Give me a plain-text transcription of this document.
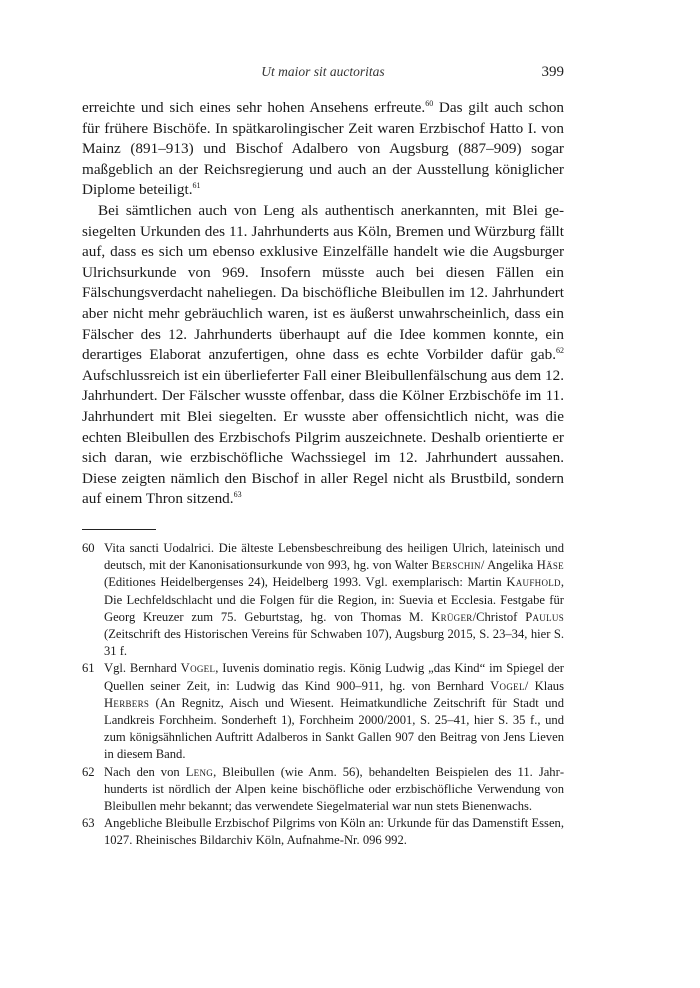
Ut maior sit auctoritas	399

erreichte und sich eines sehr hohen Ansehens erfreute.$^{60}$ Das gilt auch schon für frühere Bischöfe. In spätkarolingischer Zeit waren Erzbischof Hatto I. von Mainz (891–913) und Bischof Adalbero von Augsburg (887–909) sogar maßgeblich an der Reichsregierung und auch an der Ausstellung königlicher Diplome beteiligt.$^{61}$

Bei sämtlichen auch von Leng als authentisch anerkannten, mit Blei gesiegelten Urkunden des 11. Jahrhunderts aus Köln, Bremen und Würzburg fällt auf, dass es sich um ebenso exklusive Einzelfälle handelt wie die Augsburger Ulrichsurkunde von 969. Insofern müsste auch bei diesen Fällen ein Fälschungsverdacht naheliegen. Da bischöfliche Bleibullen im 12. Jahrhundert aber nicht mehr gebräuchlich waren, ist es äußerst unwahrscheinlich, dass ein Fälscher des 12. Jahrhunderts überhaupt auf die Idee kommen konnte, ein derartiges Elaborat anzufertigen, ohne dass es echte Vorbilder dafür gab.$^{62}$ Aufschlussreich ist ein überlieferter Fall einer Bleibullenfälschung aus dem 12. Jahrhundert. Der Fälscher wusste offenbar, dass die Kölner Erzbischöfe im 11. Jahrhundert mit Blei siegelten. Er wusste aber offensichtlich nicht, was die echten Bleibullen des Erzbischofs Pilgrim auszeichnete. Deshalb orientierte er sich daran, wie erzbischöfliche Wachssiegel im 12. Jahrhundert aussahen. Diese zeigten nämlich den Bischof in aller Regel nicht als Brustbild, sondern auf einem Thron sitzend.$^{63}$

60 Vita sancti Uodalrici. Die älteste Lebensbeschreibung des heiligen Ulrich, lateinisch und deutsch, mit der Kanonisationsurkunde von 993, hg. von Walter Berschin/ Angelika Häse (Editiones Heidelbergenses 24), Heidelberg 1993. Vgl. exemplarisch: Martin Kaufhold, Die Lechfeldschlacht und die Folgen für die Region, in: Suevia et Ecclesia. Festgabe für Georg Kreuzer zum 75. Geburtstag, hg. von Thomas M. Krüger/Christof Paulus (Zeitschrift des Historischen Vereins für Schwaben 107), Augsburg 2015, S. 23–34, hier S. 31 f.

61 Vgl. Bernhard Vogel, Iuvenis dominatio regis. König Ludwig „das Kind“ im Spiegel der Quellen seiner Zeit, in: Ludwig das Kind 900–911, hg. von Bernhard Vogel/ Klaus Herbers (An Regnitz, Aisch und Wiesent. Heimatkundliche Zeitschrift für Stadt und Landkreis Forchheim. Sonderheft 1), Forchheim 2000/2001, S. 25–41, hier S. 35 f., und zum königsähnlichen Auftritt Adalberos in Sankt Gallen 907 den Beitrag von Jens Lieven in diesem Band.

62 Nach den von Leng, Bleibullen (wie Anm. 56), behandelten Beispielen des 11. Jahrhunderts ist nördlich der Alpen keine bischöfliche oder erzbischöfliche Verwendung von Bleibullen mehr bekannt; das verwendete Siegelmaterial war nun stets Bienenwachs.

63 Angebliche Bleibulle Erzbischof Pilgrims von Köln an: Urkunde für das Damenstift Essen, 1027. Rheinisches Bildarchiv Köln, Aufnahme-Nr. 096 992.
